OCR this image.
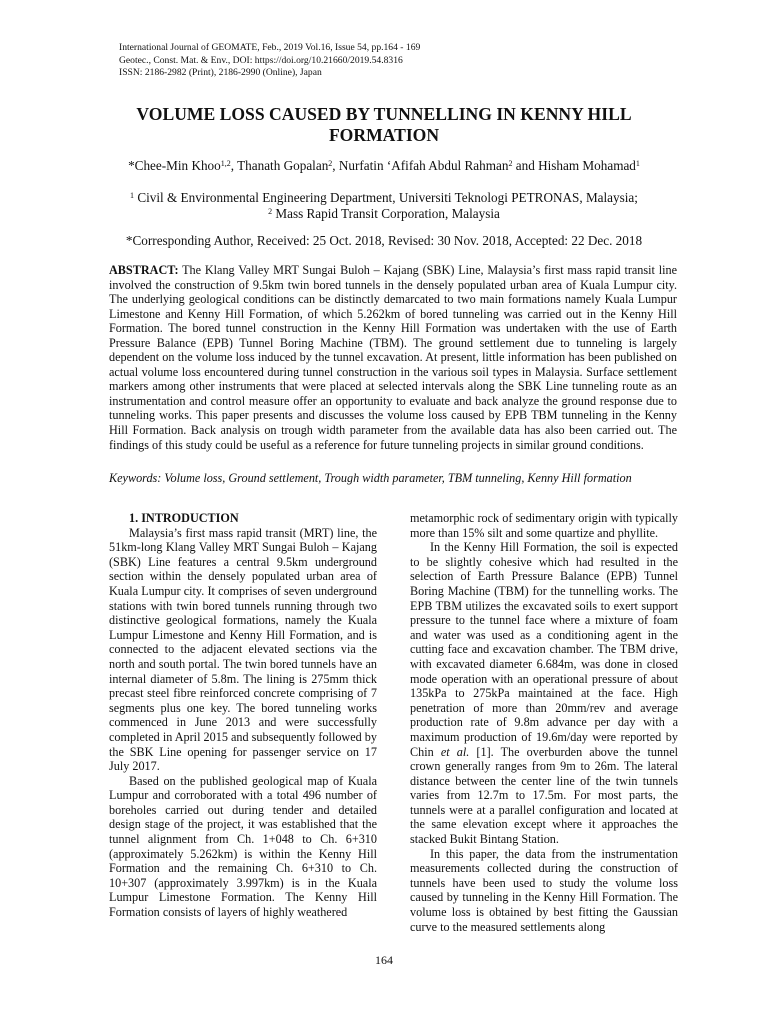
International Journal of GEOMATE, Feb., 2019 Vol.16, Issue 54, pp.164 - 169
Geotec., Const. Mat. & Env., DOI: https://doi.org/10.21660/2019.54.8316
ISSN: 2186-2982 (Print), 2186-2990 (Online), Japan
VOLUME LOSS CAUSED BY TUNNELLING IN KENNY HILL
FORMATION
*Chee-Min Khoo$^{1,2}$, Thanath Gopalan$^2$, Nurfatin ‘Afifah Abdul Rahman$^2$ and Hisham Mohamad$^1$
$^1$ Civil & Environmental Engineering Department, Universiti Teknologi PETRONAS, Malaysia;
$^2$ Mass Rapid Transit Corporation, Malaysia
*Corresponding Author, Received: 25 Oct. 2018, Revised: 30 Nov. 2018, Accepted: 22 Dec. 2018
ABSTRACT: The Klang Valley MRT Sungai Buloh – Kajang (SBK) Line, Malaysia’s first mass rapid transit line involved the construction of 9.5km twin bored tunnels in the densely populated urban area of Kuala Lumpur city. The underlying geological conditions can be distinctly demarcated to two main formations namely Kuala Lumpur Limestone and Kenny Hill Formation, of which 5.262km of bored tunneling was carried out in the Kenny Hill Formation. The bored tunnel construction in the Kenny Hill Formation was undertaken with the use of Earth Pressure Balance (EPB) Tunnel Boring Machine (TBM). The ground settlement due to tunneling is largely dependent on the volume loss induced by the tunnel excavation. At present, little information has been published on actual volume loss encountered during tunnel construction in the various soil types in Malaysia. Surface settlement markers among other instruments that were placed at selected intervals along the SBK Line tunneling route as an instrumentation and control measure offer an opportunity to evaluate and back analyze the ground response due to tunneling works. This paper presents and discusses the volume loss caused by EPB TBM tunneling in the Kenny Hill Formation. Back analysis on trough width parameter from the available data has also been carried out. The findings of this study could be useful as a reference for future tunneling projects in similar ground conditions.
Keywords: Volume loss, Ground settlement, Trough width parameter, TBM tunneling, Kenny Hill formation

1. INTRODUCTION

Malaysia’s first mass rapid transit (MRT) line, the 51km-long Klang Valley MRT Sungai Buloh – Kajang (SBK) Line features a central 9.5km underground section within the densely populated urban area of Kuala Lumpur city. It comprises of seven underground stations with twin bored tunnels running through two distinctive geological formations, namely the Kuala Lumpur Limestone and Kenny Hill Formation, and is connected to the adjacent elevated sections via the north and south portal. The twin bored tunnels have an internal diameter of 5.8m. The lining is 275mm thick precast steel fibre reinforced concrete comprising of 7 segments plus one key. The bored tunneling works commenced in June 2013 and were successfully completed in April 2015 and subsequently followed by the SBK Line opening for passenger service on 17 July 2017.

Based on the published geological map of Kuala Lumpur and corroborated with a total 496 number of boreholes carried out during tender and detailed design stage of the project, it was established that the tunnel alignment from Ch. 1+048 to Ch. 6+310 (approximately 5.262km) is within the Kenny Hill Formation and the remaining Ch. 6+310 to Ch. 10+307 (approximately 3.997km) is in the Kuala Lumpur Limestone Formation. The Kenny Hill Formation consists of layers of highly weathered

metamorphic rock of sedimentary origin with typically more than 15% silt and some quartize and phyllite.

In the Kenny Hill Formation, the soil is expected to be slightly cohesive which had resulted in the selection of Earth Pressure Balance (EPB) Tunnel Boring Machine (TBM) for the tunnelling works. The EPB TBM utilizes the excavated soils to exert support pressure to the tunnel face where a mixture of foam and water was used as a conditioning agent in the cutting face and excavation chamber. The TBM drive, with excavated diameter 6.684m, was done in closed mode operation with an operational pressure of about 135kPa to 275kPa maintained at the face. High penetration of more than 20mm/rev and average production rate of 9.8m advance per day with a maximum production of 19.6m/day were reported by Chin et al. [1]. The overburden above the tunnel crown generally ranges from 9m to 26m. The lateral distance between the center line of the twin tunnels varies from 12.7m to 17.5m. For most parts, the tunnels were at a parallel configuration and located at the same elevation except where it approaches the stacked Bukit Bintang Station.

In this paper, the data from the instrumentation measurements collected during the construction of tunnels have been used to study the volume loss caused by tunneling in the Kenny Hill Formation. The volume loss is obtained by best fitting the Gaussian curve to the measured settlements along

164
